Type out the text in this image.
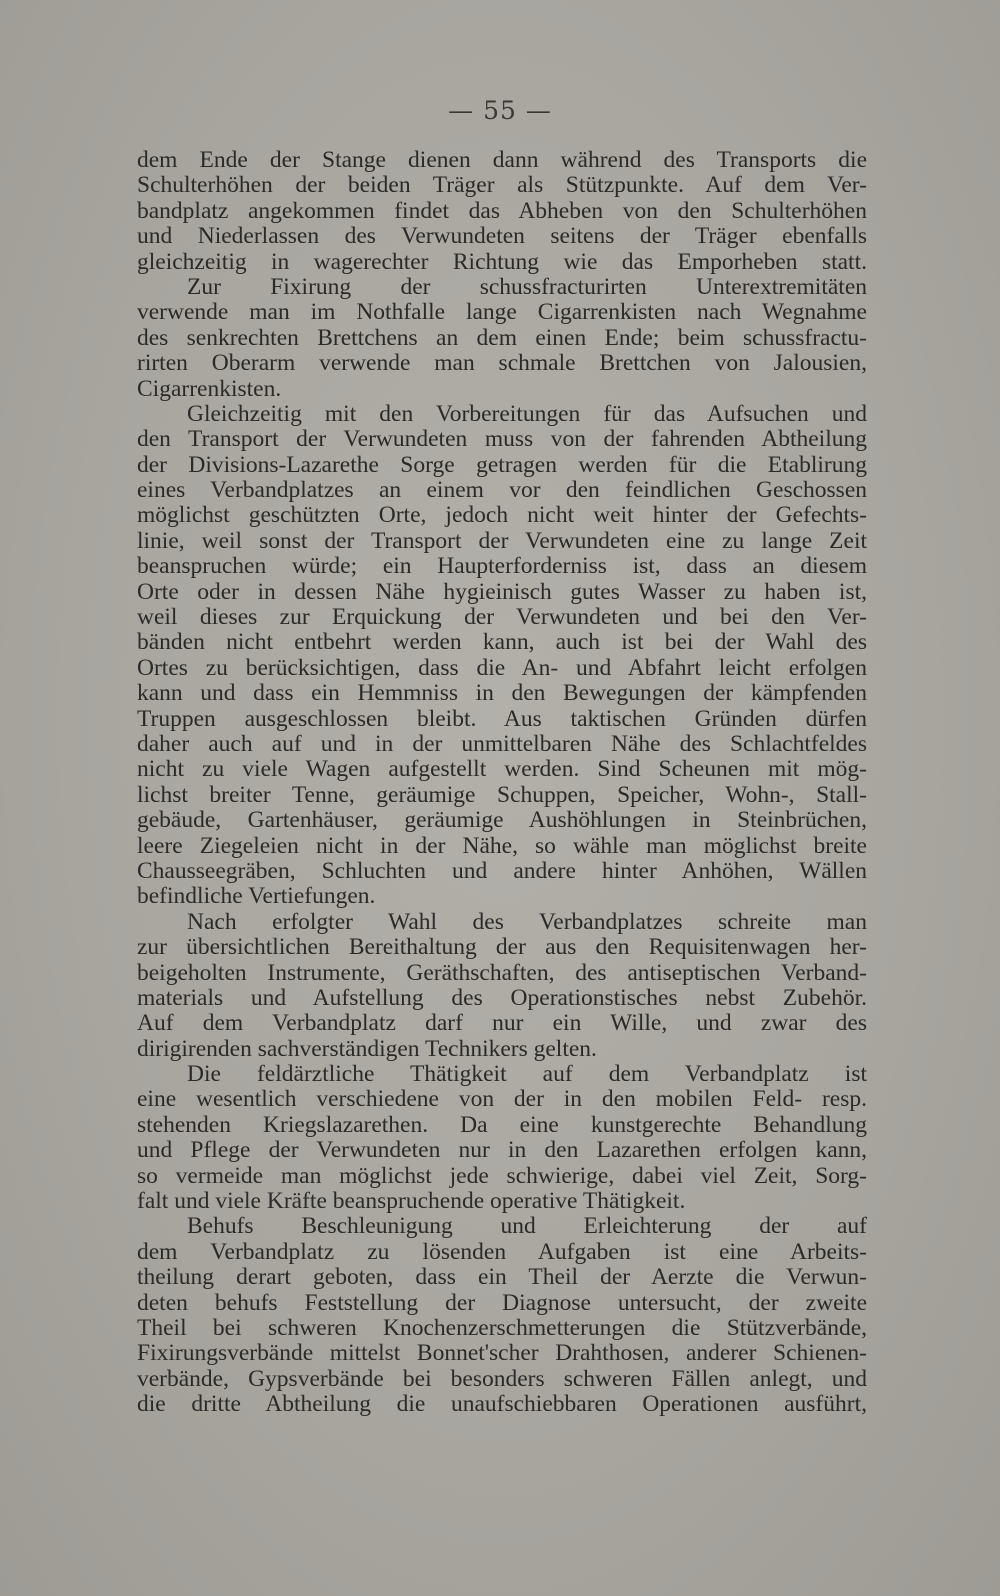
— 55 —
dem Ende der Stange dienen dann während des Transports die
Schulterhöhen der beiden Träger als Stützpunkte. Auf dem Ver-
bandplatz angekommen findet das Abheben von den Schulterhöhen
und Niederlassen des Verwundeten seitens der Träger ebenfalls
gleichzeitig in wagerechter Richtung wie das Emporheben statt.
Zur Fixirung der schussfracturirten Unterextremitäten
verwende man im Nothfalle lange Cigarrenkisten nach Wegnahme
des senkrechten Brettchens an dem einen Ende; beim schussfractu-
rirten Oberarm verwende man schmale Brettchen von Jalousien,
Cigarrenkisten.
Gleichzeitig mit den Vorbereitungen für das Aufsuchen und
den Transport der Verwundeten muss von der fahrenden Abtheilung
der Divisions-Lazarethe Sorge getragen werden für die Etablirung
eines Verbandplatzes an einem vor den feindlichen Geschossen
möglichst geschützten Orte, jedoch nicht weit hinter der Gefechts-
linie, weil sonst der Transport der Verwundeten eine zu lange Zeit
beanspruchen würde; ein Haupterforderniss ist, dass an diesem
Orte oder in dessen Nähe hygieinisch gutes Wasser zu haben ist,
weil dieses zur Erquickung der Verwundeten und bei den Ver-
bänden nicht entbehrt werden kann, auch ist bei der Wahl des
Ortes zu berücksichtigen, dass die An- und Abfahrt leicht erfolgen
kann und dass ein Hemmniss in den Bewegungen der kämpfenden
Truppen ausgeschlossen bleibt. Aus taktischen Gründen dürfen
daher auch auf und in der unmittelbaren Nähe des Schlachtfeldes
nicht zu viele Wagen aufgestellt werden. Sind Scheunen mit mög-
lichst breiter Tenne, geräumige Schuppen, Speicher, Wohn-, Stall-
gebäude, Gartenhäuser, geräumige Aushöhlungen in Steinbrüchen,
leere Ziegeleien nicht in der Nähe, so wähle man möglichst breite
Chausseegräben, Schluchten und andere hinter Anhöhen, Wällen
befindliche Vertiefungen.
Nach erfolgter Wahl des Verbandplatzes schreite man
zur übersichtlichen Bereithaltung der aus den Requisitenwagen her-
beigeholten Instrumente, Geräthschaften, des antiseptischen Verband-
materials und Aufstellung des Operationstisches nebst Zubehör.
Auf dem Verbandplatz darf nur ein Wille, und zwar des
dirigirenden sachverständigen Technikers gelten.
Die feldärztliche Thätigkeit auf dem Verbandplatz ist
eine wesentlich verschiedene von der in den mobilen Feld- resp.
stehenden Kriegslazarethen. Da eine kunstgerechte Behandlung
und Pflege der Verwundeten nur in den Lazarethen erfolgen kann,
so vermeide man möglichst jede schwierige, dabei viel Zeit, Sorg-
falt und viele Kräfte beanspruchende operative Thätigkeit.
Behufs Beschleunigung und Erleichterung der auf
dem Verbandplatz zu lösenden Aufgaben ist eine Arbeits-
theilung derart geboten, dass ein Theil der Aerzte die Verwun-
deten behufs Feststellung der Diagnose untersucht, der zweite
Theil bei schweren Knochenzerschmetterungen die Stützverbände,
Fixirungsverbände mittelst Bonnet'scher Drahthosen, anderer Schienen-
verbände, Gypsverbände bei besonders schweren Fällen anlegt, und
die dritte Abtheilung die unaufschiebbaren Operationen ausführt,
